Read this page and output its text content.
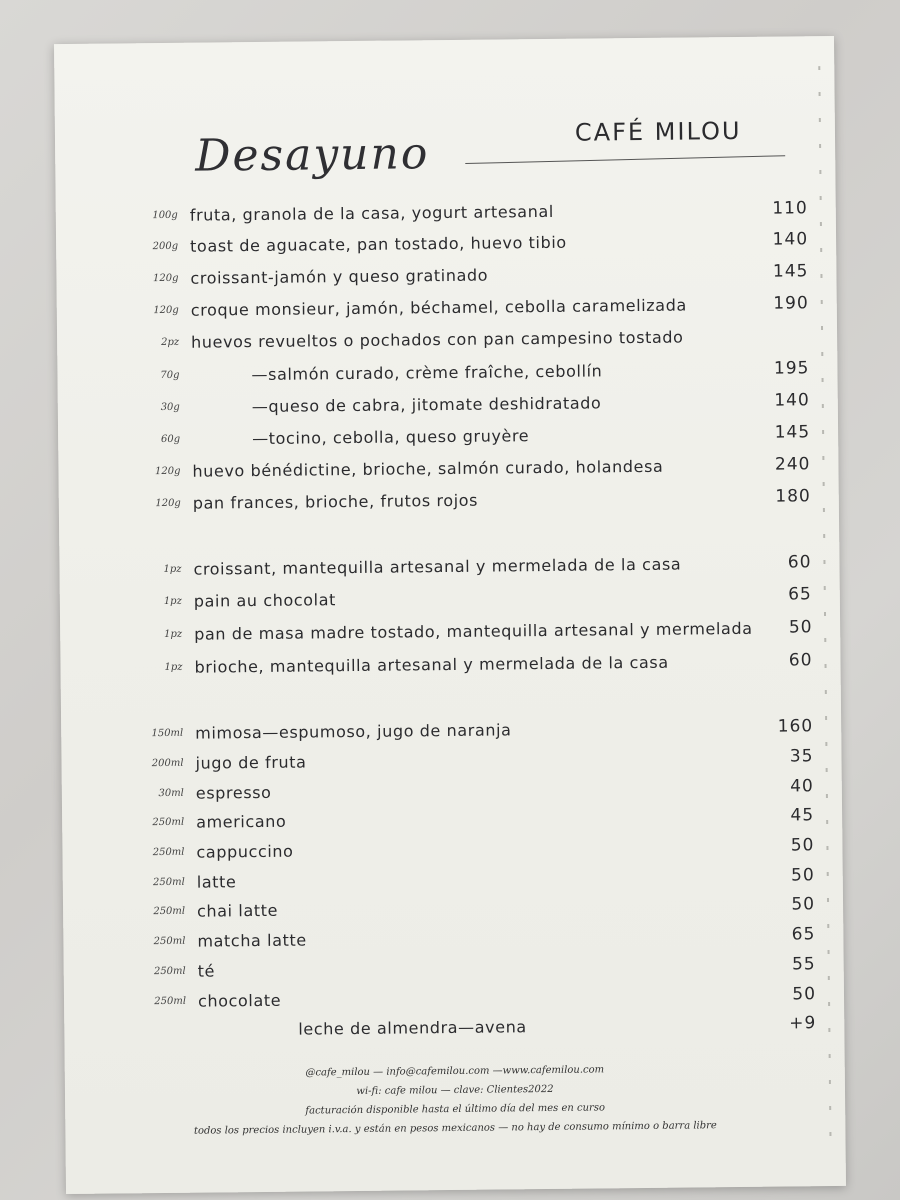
Desayuno	CAFÉ MILOU
100g fruta, granola de la casa, yogurt artesanal	110
200g toast de aguacate, pan tostado, huevo tibio	140
120g croissant-jamón y queso gratinado	145
120g croque monsieur, jamón, béchamel, cebolla caramelizada	190
2pz huevos revueltos o pochados con pan campesino tostado
70g	—salmón curado, crème fraîche, cebollín	195
30g	—queso de cabra, jitomate deshidratado	140
60g	—tocino, cebolla, queso gruyère	145
120g huevo bénédictine, brioche, salmón curado, holandesa	240
120g pan frances, brioche, frutos rojos	180
1pz croissant, mantequilla artesanal y mermelada de la casa	60
1pz pain au chocolat	65
1pz pan de masa madre tostado, mantequilla artesanal y mermelada	50
1pz brioche, mantequilla artesanal y mermelada de la casa	60
150ml mimosa—espumoso, jugo de naranja	160
200ml jugo de fruta	35
30ml espresso	40
250ml americano	45
250ml cappuccino	50
250ml latte	50
250ml chai latte	50
250ml matcha latte	65
250ml té	55
250ml chocolate	50
leche de almendra—avena	+9
@cafe_milou — info@cafemilou.com —www.cafemilou.com
wi-fi: cafe milou — clave: Clientes2022
facturación disponible hasta el último día del mes en curso
todos los precios incluyen i.v.a. y están en pesos mexicanos — no hay de consumo mínimo o barra libre
